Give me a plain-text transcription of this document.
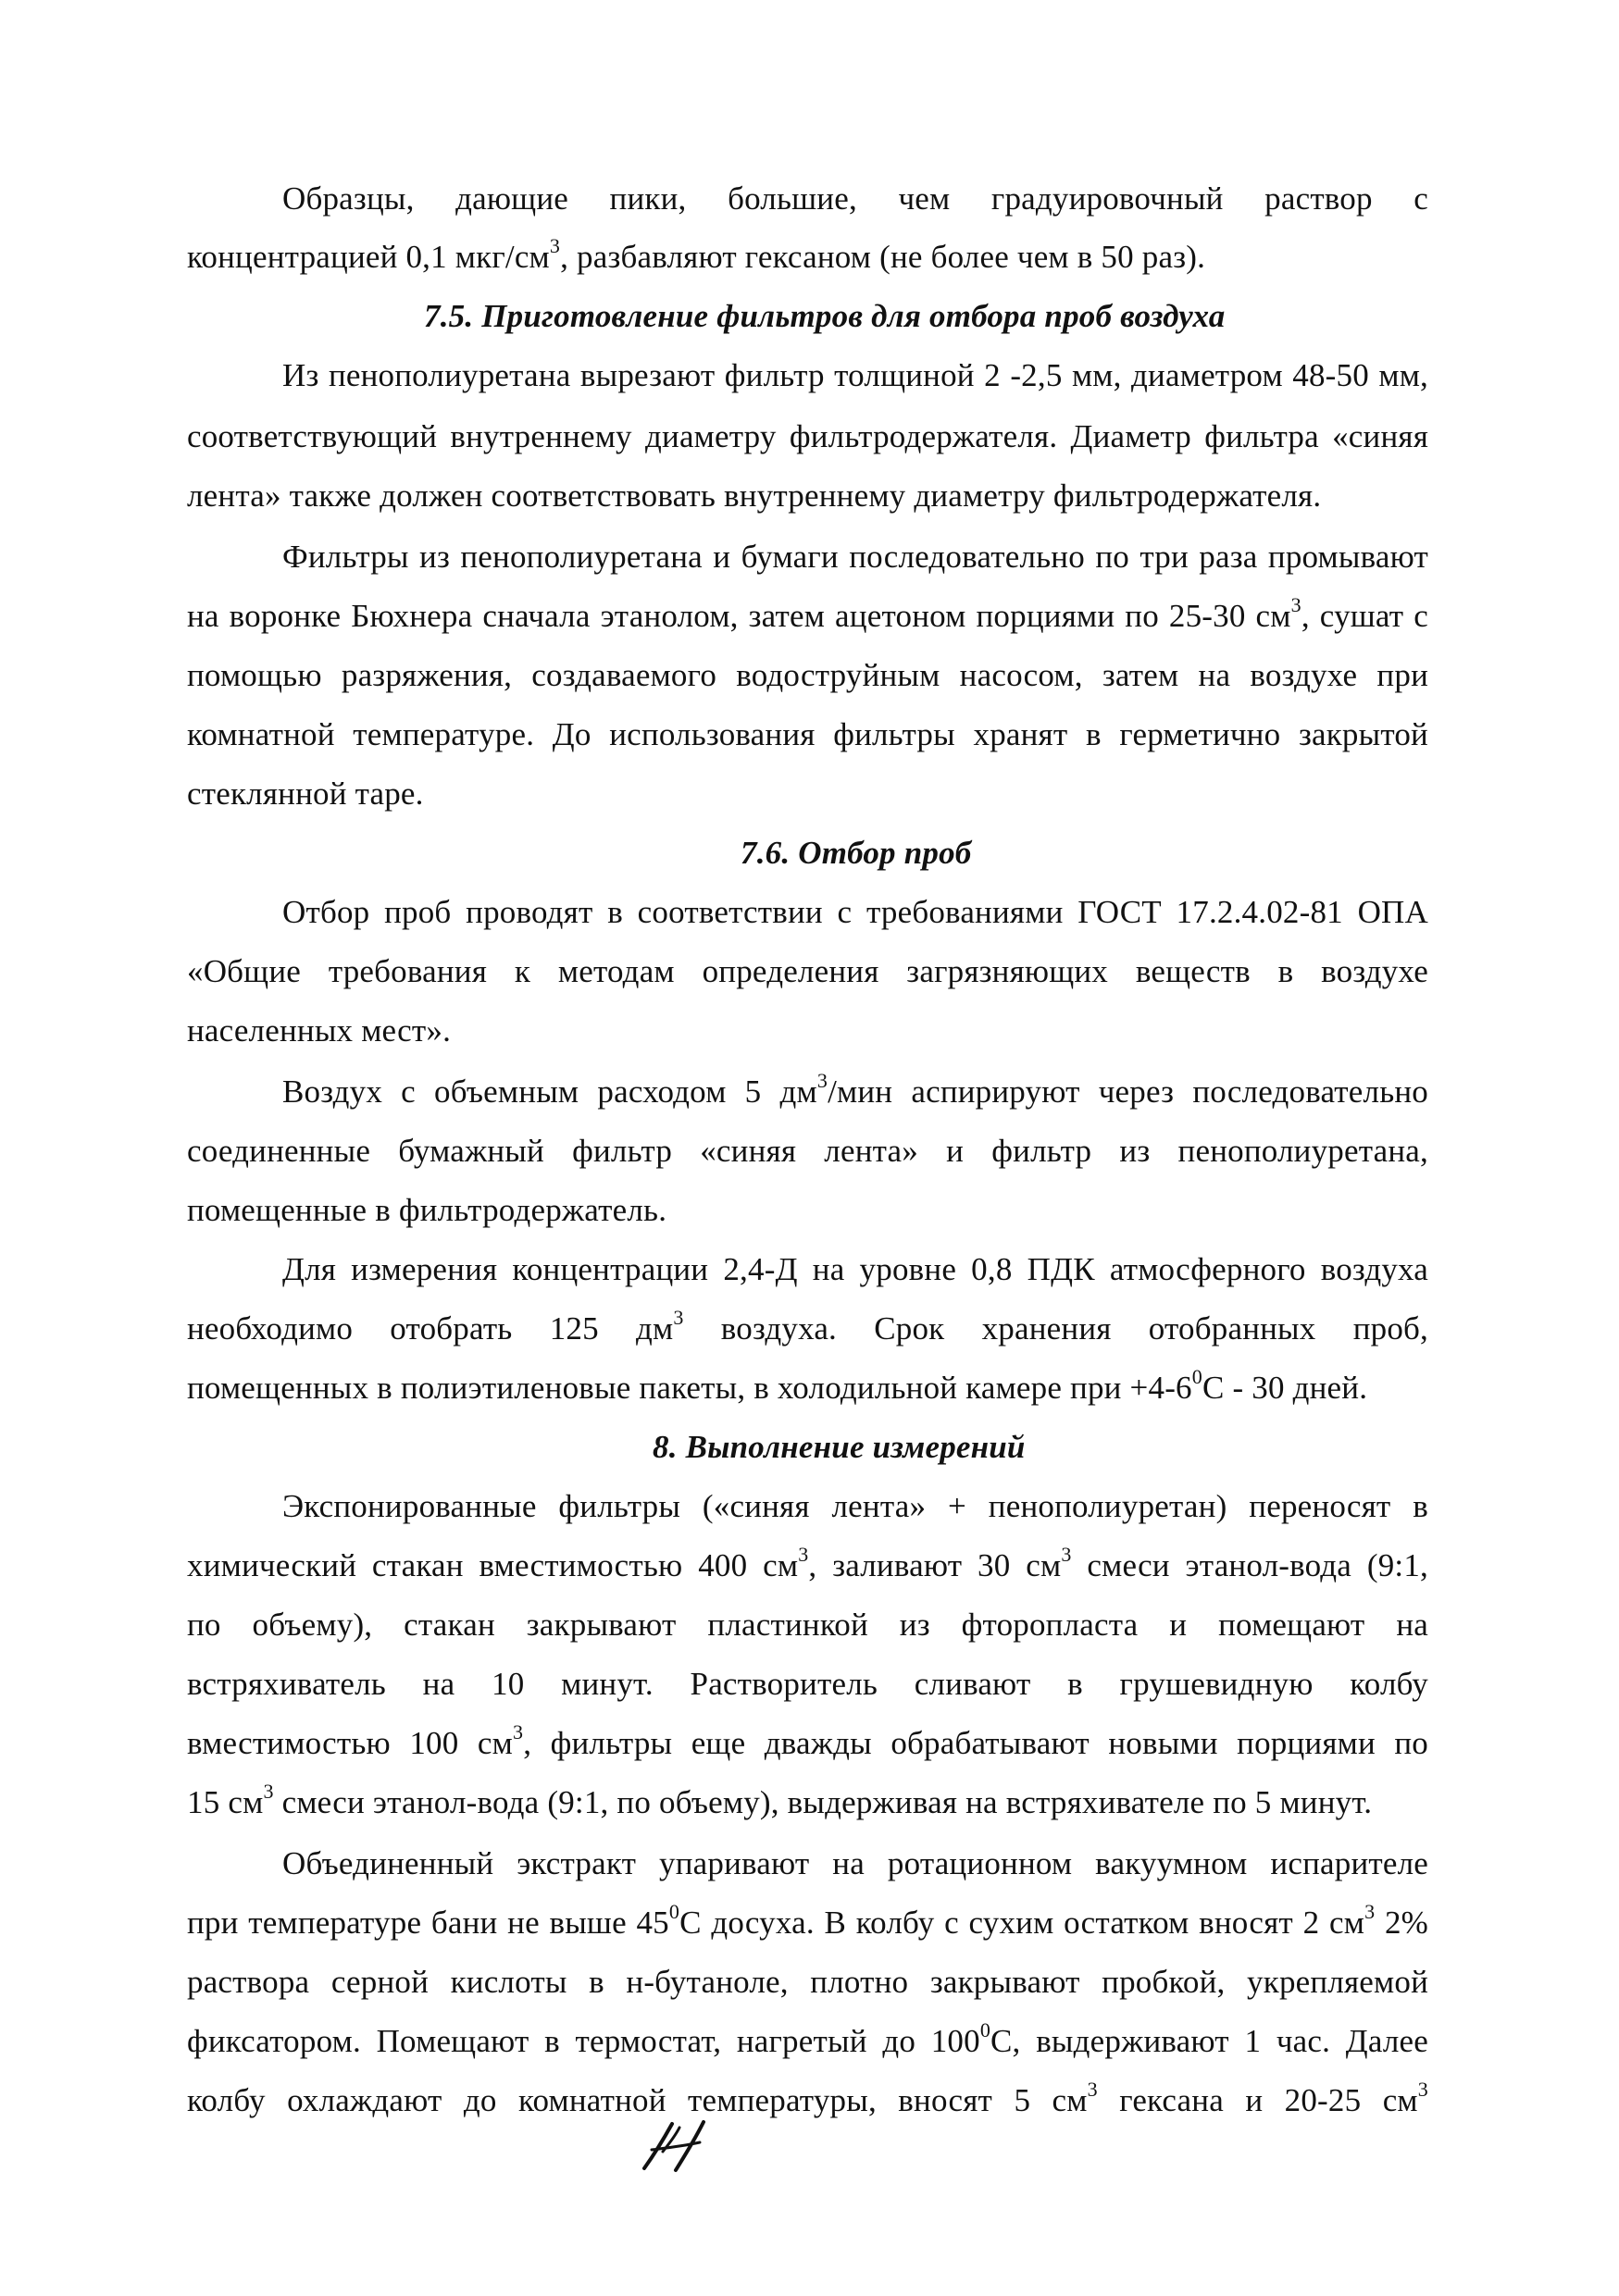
Образцы, дающие пики, большие, чем градуировочный раствор с
концентрацией 0,1 мкг/$см^3$, разбавляют гексаном (не более чем в 50 раз).
7.5. Приготовление фильтров для отбора проб воздуха
Из пенополиуретана вырезают фильтр толщиной 2 -2,5 мм, диаметром 48-50 мм,
соответствующий внутреннему диаметру фильтродержателя. Диаметр фильтра «синяя
лента» также должен соответствовать внутреннему диаметру фильтродержателя.
Фильтры из пенополиуретана и бумаги последовательно по три раза промывают
на воронке Бюхнера сначала этанолом, затем ацетоном порциями по 25-30 $см^3$, сушат с
помощью разряжения, создаваемого водоструйным насосом, затем на воздухе при
комнатной температуре. До использования фильтры хранят в герметично закрытой
стеклянной таре.
7.6. Отбор проб
Отбор проб проводят в соответствии с требованиями ГОСТ 17.2.4.02-81 ОПА
«Общие требования к методам определения загрязняющих веществ в воздухе
населенных мест».
Воздух с объемным расходом 5 $дм^3$/мин аспирируют через последовательно
соединенные бумажный фильтр «синяя лента» и фильтр из пенополиуретана,
помещенные в фильтродержатель.
Для измерения концентрации 2,4-Д на уровне 0,8 ПДК атмосферного воздуха
необходимо отобрать 125 $дм^3$ воздуха. Срок хранения отобранных проб,
помещенных в полиэтиленовые пакеты, в холодильной камере при $+4-6^0С - 30$ дней.
8. Выполнение измерений
Экспонированные фильтры («синяя лента» + пенополиуретан) переносят в
химический стакан вместимостью 400 $см^3$, заливают 30 $см^3$ смеси этанол-вода (9:1,
по объему), стакан закрывают пластинкой из фторопласта и помещают на
встряхиватель на 10 минут. Растворитель сливают в грушевидную колбу
вместимостью 100 $см^3$, фильтры еще дважды обрабатывают новыми порциями по
15 $см^3$ смеси этанол-вода (9:1, по объему), выдерживая на встряхивателе по 5 минут.
Объединенный экстракт упаривают на ротационном вакуумном испарителе
при температуре бани не выше $45^0С$ досуха. В колбу с сухим остатком вносят 2 $см^3$ 2%
раствора серной кислоты в н-бутаноле, плотно закрывают пробкой, укрепляемой
фиксатором. Помещают в термостат, нагретый до $100^0С$, выдерживают 1 час. Далее
колбу охлаждают до комнатной температуры, вносят 5 $см^3$ гексана и 20-25 $см^3$
